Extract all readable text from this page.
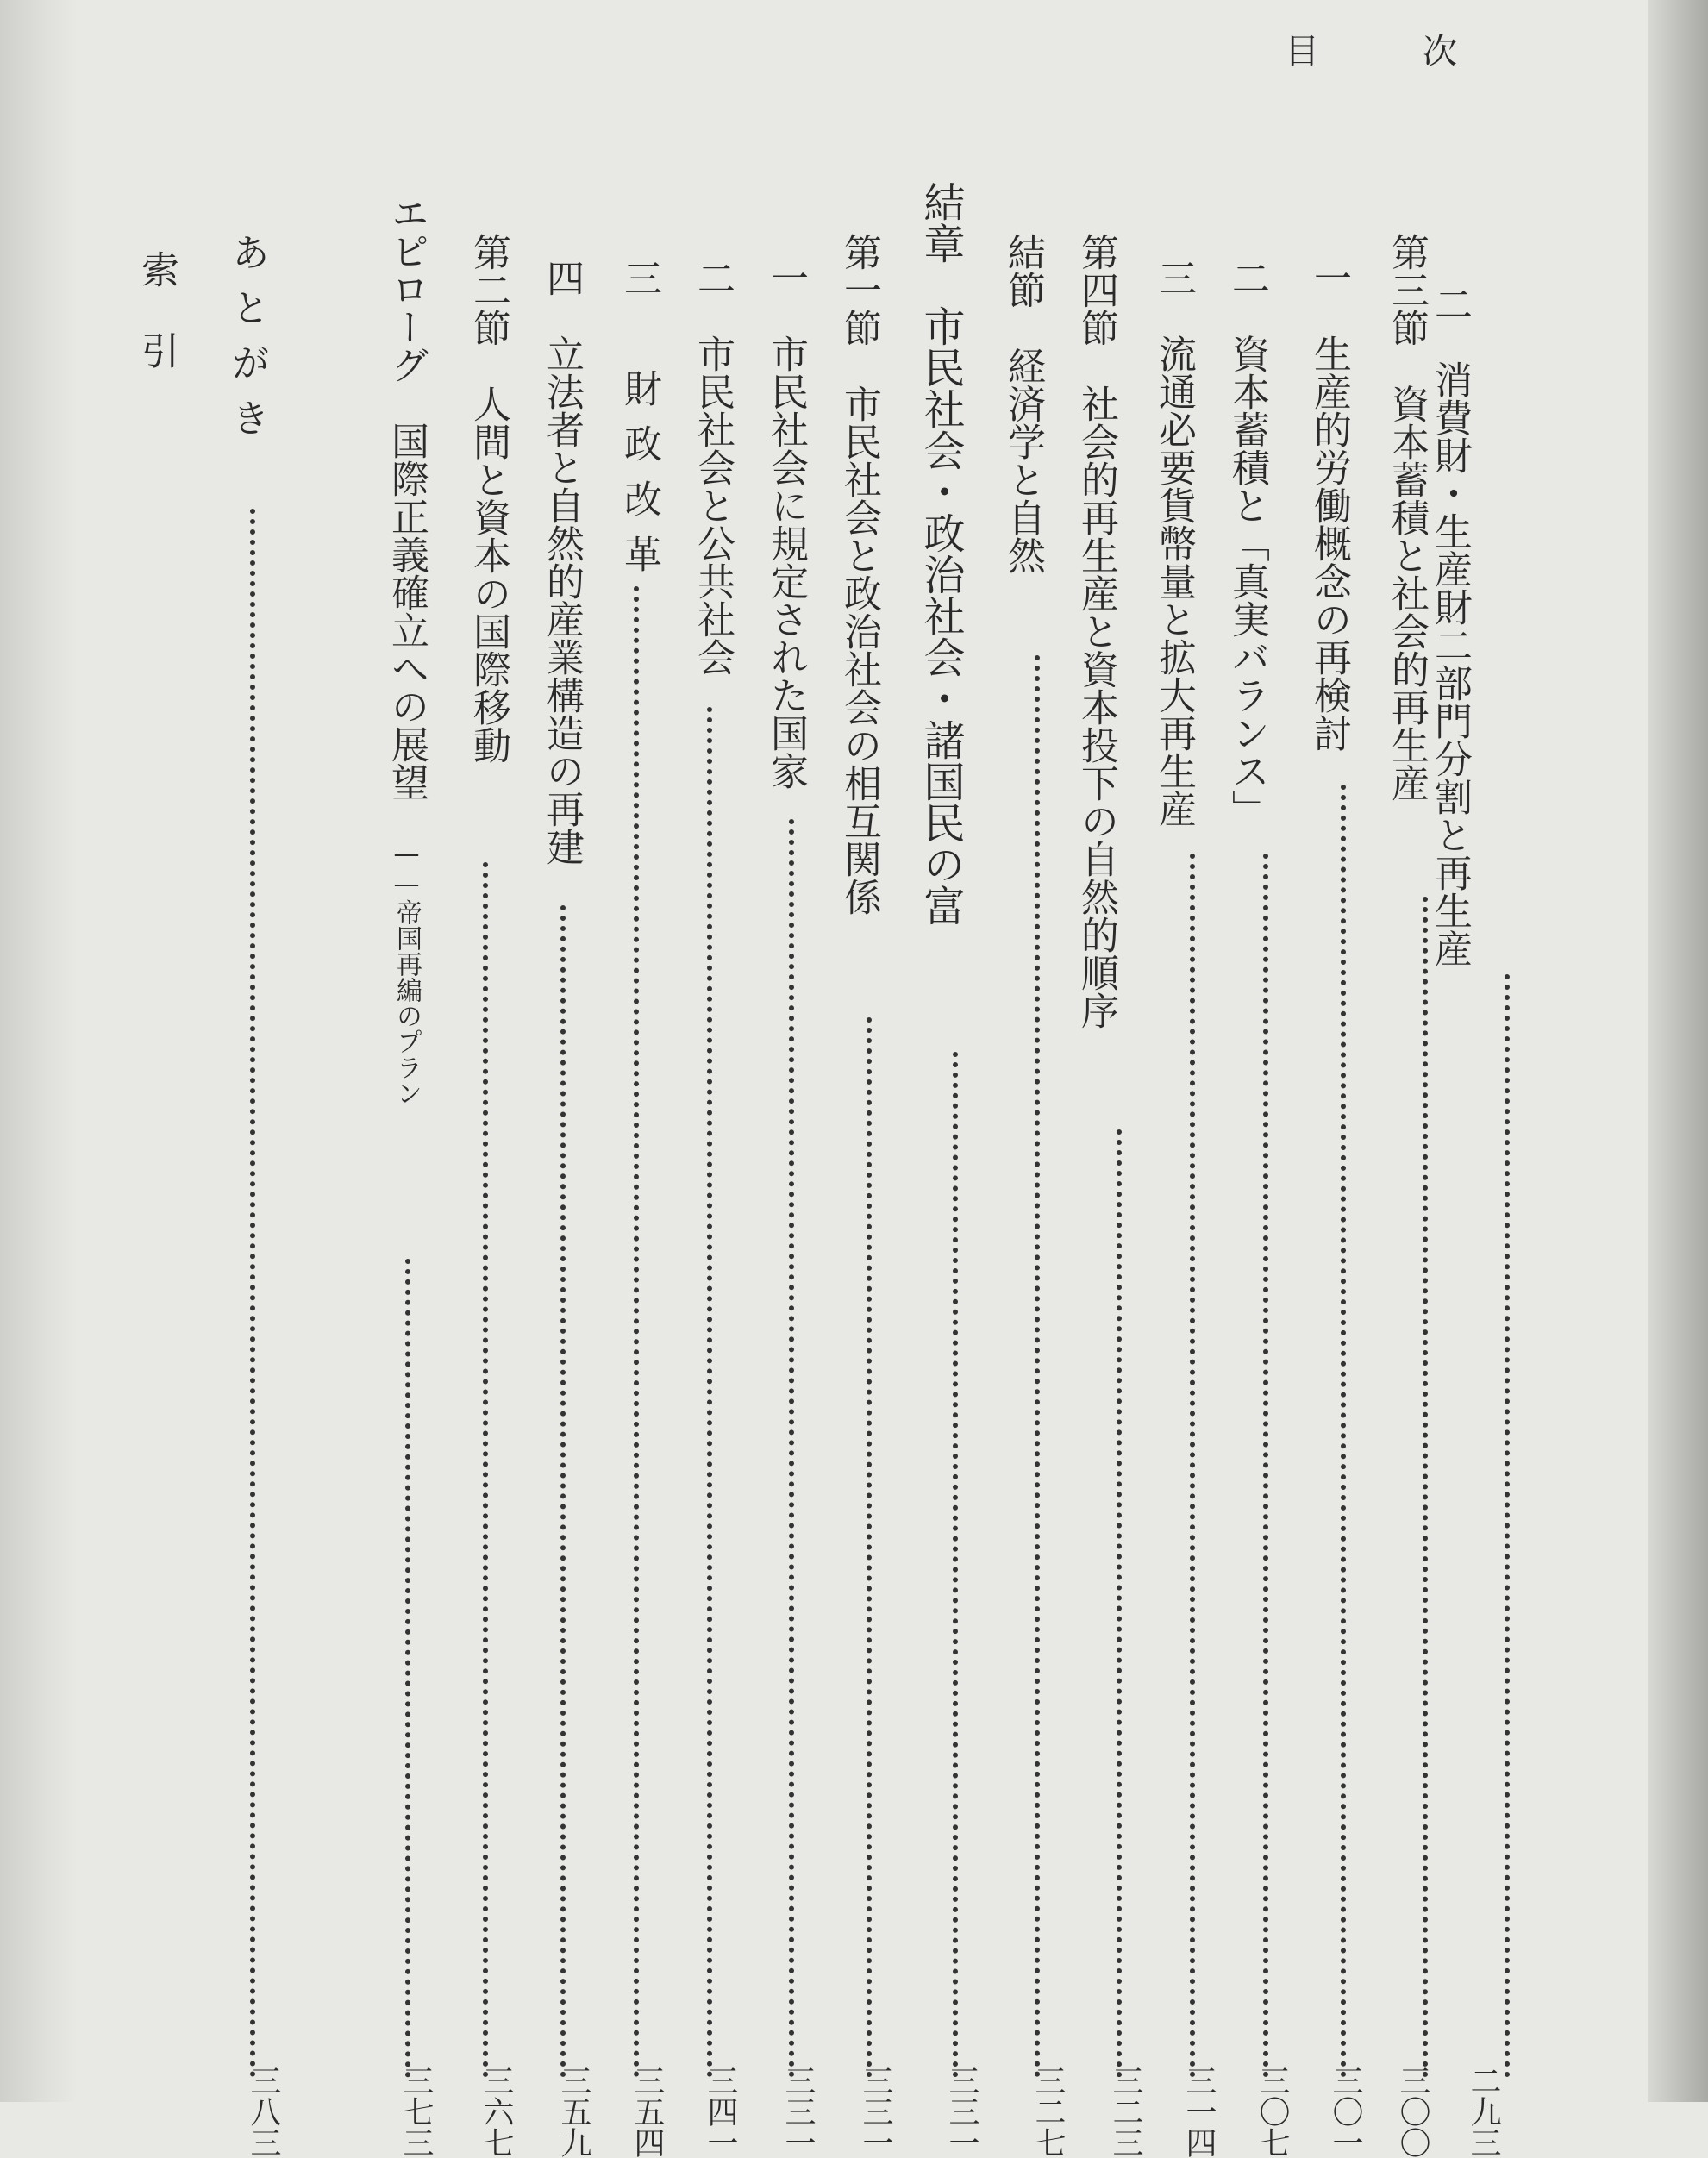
目	次
二　消費財・生産財二部門分割と再生産
二九三
第三節　資本蓄積と社会的再生産
三〇〇
一　生産的労働概念の再検討
三〇一
二　資本蓄積と「真実バランス」
三〇七
三　流通必要貨幣量と拡大再生産
三一四
第四節　社会的再生産と資本投下の自然的順序
三二三
結節　経済学と自然
三二七
結章　市民社会・政治社会・諸国民の富
三三一
第一節　市民社会と政治社会の相互関係
三三一
一　市民社会に規定された国家
三三一
二　市民社会と公共社会
三四一
三　財政改革
三五四
四　立法者と自然的産業構造の再建
三五九
第二節　人間と資本の国際移動
三六七
エピローグ　国際正義確立への展望　——帝国再編のプラン
三七三
あとがき
三八三
索引
